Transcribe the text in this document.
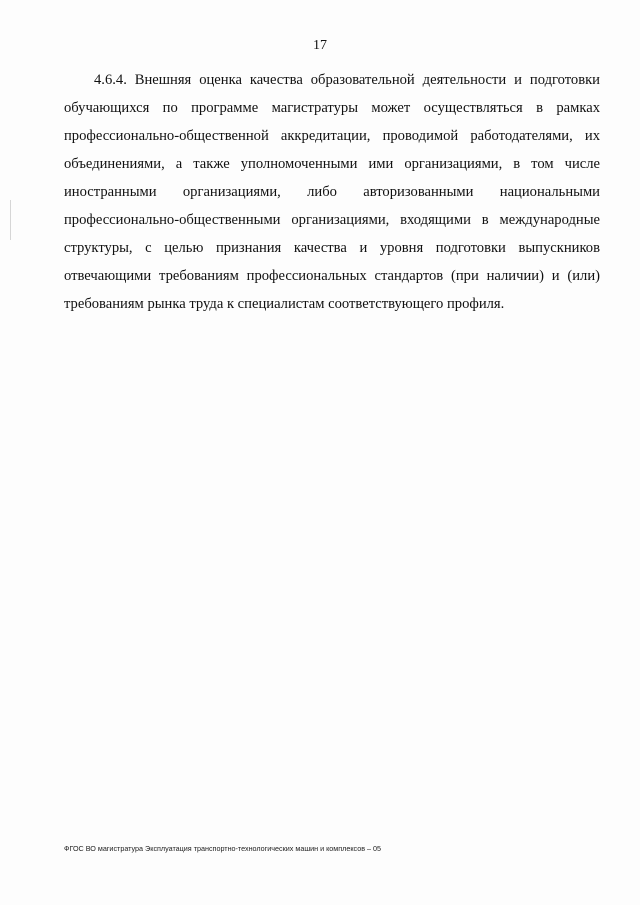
17

4.6.4. Внешняя оценка качества образовательной деятельности и подготовки обучающихся по программе магистратуры может осуществляться в рамках профессионально-общественной аккредитации, проводимой работодателями, их объединениями, а также уполномоченными ими организациями, в том числе иностранными организациями, либо авторизованными национальными профессионально-общественными организациями, входящими в международные структуры, с целью признания качества и уровня подготовки выпускников отвечающими требованиям профессиональных стандартов (при наличии) и (или) требованиям рынка труда к специалистам соответствующего профиля.

ФГОС ВО магистратура Эксплуатация транспортно-технологических машин и комплексов – 05
